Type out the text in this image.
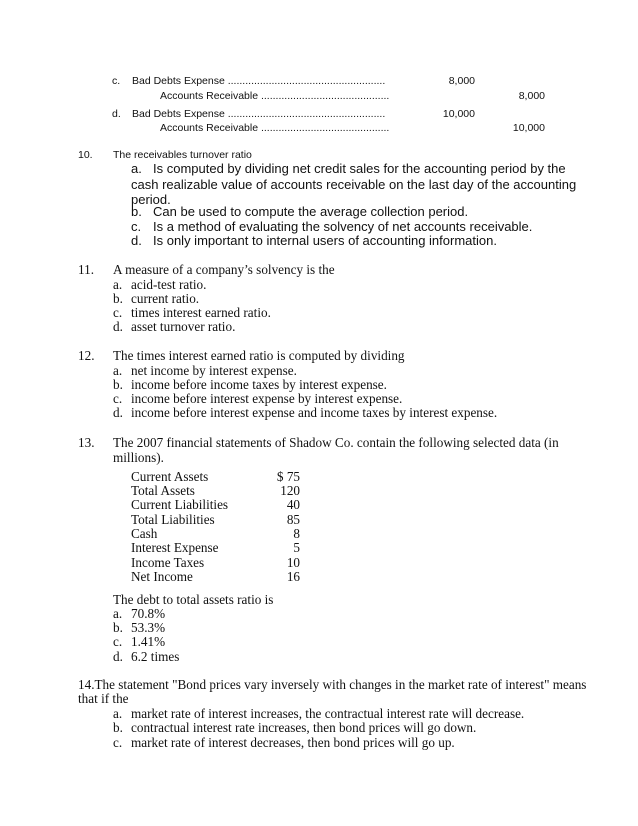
c. Bad Debts Expense ......................................................	8,000
Accounts Receivable ............................................	8,000
d. Bad Debts Expense ......................................................	10,000
Accounts Receivable ............................................	10,000
10. The receivables turnover ratio
a. Is computed by dividing net credit sales for the accounting period by the
cash realizable value of accounts receivable on the last day of the accounting
period.
b. Can be used to compute the average collection period.
c. Is a method of evaluating the solvency of net accounts receivable.
d. Is only important to internal users of accounting information.
11. A measure of a company’s solvency is the
a. acid-test ratio.
b. current ratio.
c. times interest earned ratio.
d. asset turnover ratio.
12. The times interest earned ratio is computed by dividing
a. net income by interest expense.
b. income before income taxes by interest expense.
c. income before interest expense by interest expense.
d. income before interest expense and income taxes by interest expense.
13. The 2007 financial statements of Shadow Co. contain the following selected data (in
millions).
Current Assets	$ 75
Total Assets	120
Current Liabilities	40
Total Liabilities	85
Cash	8
Interest Expense	5
Income Taxes	10
Net Income	16
The debt to total assets ratio is
a. 70.8%
b. 53.3%
c. 1.41%
d. 6.2 times
14.The statement "Bond prices vary inversely with changes in the market rate of interest" means
that if the
a. market rate of interest increases, the contractual interest rate will decrease.
b. contractual interest rate increases, then bond prices will go down.
c. market rate of interest decreases, then bond prices will go up.
